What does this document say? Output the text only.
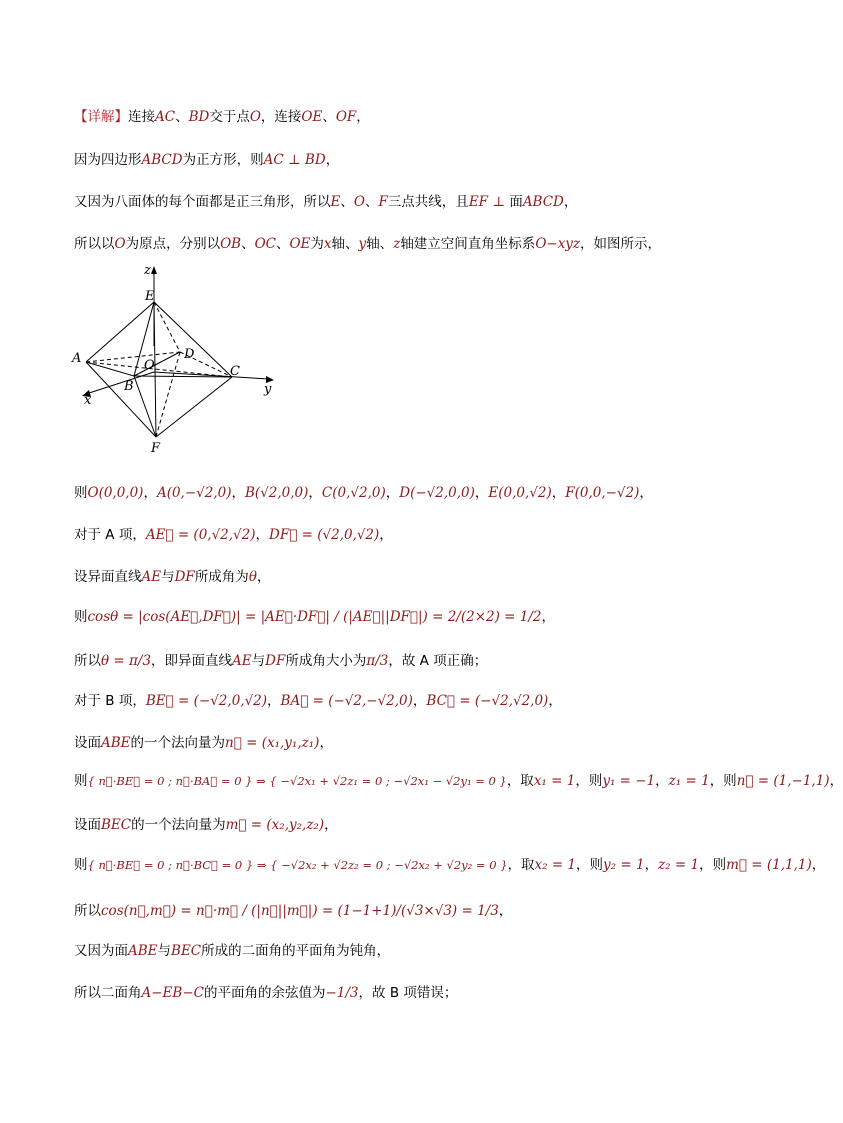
【详解】连接AC、BD交于点O，连接OE、OF，
因为四边形ABCD为正方形，则AC ⊥ BD，
又因为八面体的每个面都是正三角形，所以E、O、F三点共线，且EF ⊥ 面ABCD，
所以以O为原点，分别以OB、OC、OE为x轴、y轴、z轴建立空间直角坐标系O−xyz，如图所示，
z
y
x
E
A	D
O
B
C
F
则O(0,0,0)，A(0,−√2,0)，B(√2,0,0)，C(0,√2,0)，D(−√2,0,0)，E(0,0,√2)，F(0,0,−√2)，
对于 A 项，AE⃗ = (0,√2,√2)，DF⃗ = (√2,0,√2)，
设异面直线AE与DF所成角为θ，
则cosθ = |cos(AE⃗,DF⃗)| = |AE⃗·DF⃗| / (|AE⃗||DF⃗|) = 2/(2×2) = 1/2，
所以θ = π/3，即异面直线AE与DF所成角大小为π/3，故 A 项正确；
对于 B 项，BE⃗ = (−√2,0,√2)，BA⃗ = (−√2,−√2,0)，BC⃗ = (−√2,√2,0)，
设面ABE的一个法向量为n⃗ = (x₁,y₁,z₁)，
则{ n⃗·BE⃗ = 0 ; n⃗·BA⃗ = 0 } ⇒ { −√2x₁ + √2z₁ = 0 ; −√2x₁ − √2y₁ = 0 }，取x₁ = 1，则y₁ = −1，z₁ = 1，则n⃗ = (1,−1,1)，
设面BEC的一个法向量为m⃗ = (x₂,y₂,z₂)，
则{ n⃗·BE⃗ = 0 ; n⃗·BC⃗ = 0 } ⇒ { −√2x₂ + √2z₂ = 0 ; −√2x₂ + √2y₂ = 0 }，取x₂ = 1，则y₂ = 1，z₂ = 1，则m⃗ = (1,1,1)，
所以cos(n⃗,m⃗) = n⃗·m⃗ / (|n⃗||m⃗|) = (1−1+1)/(√3×√3) = 1/3，
又因为面ABE与BEC所成的二面角的平面角为钝角，
所以二面角A−EB−C的平面角的余弦值为−1/3，故 B 项错误；
